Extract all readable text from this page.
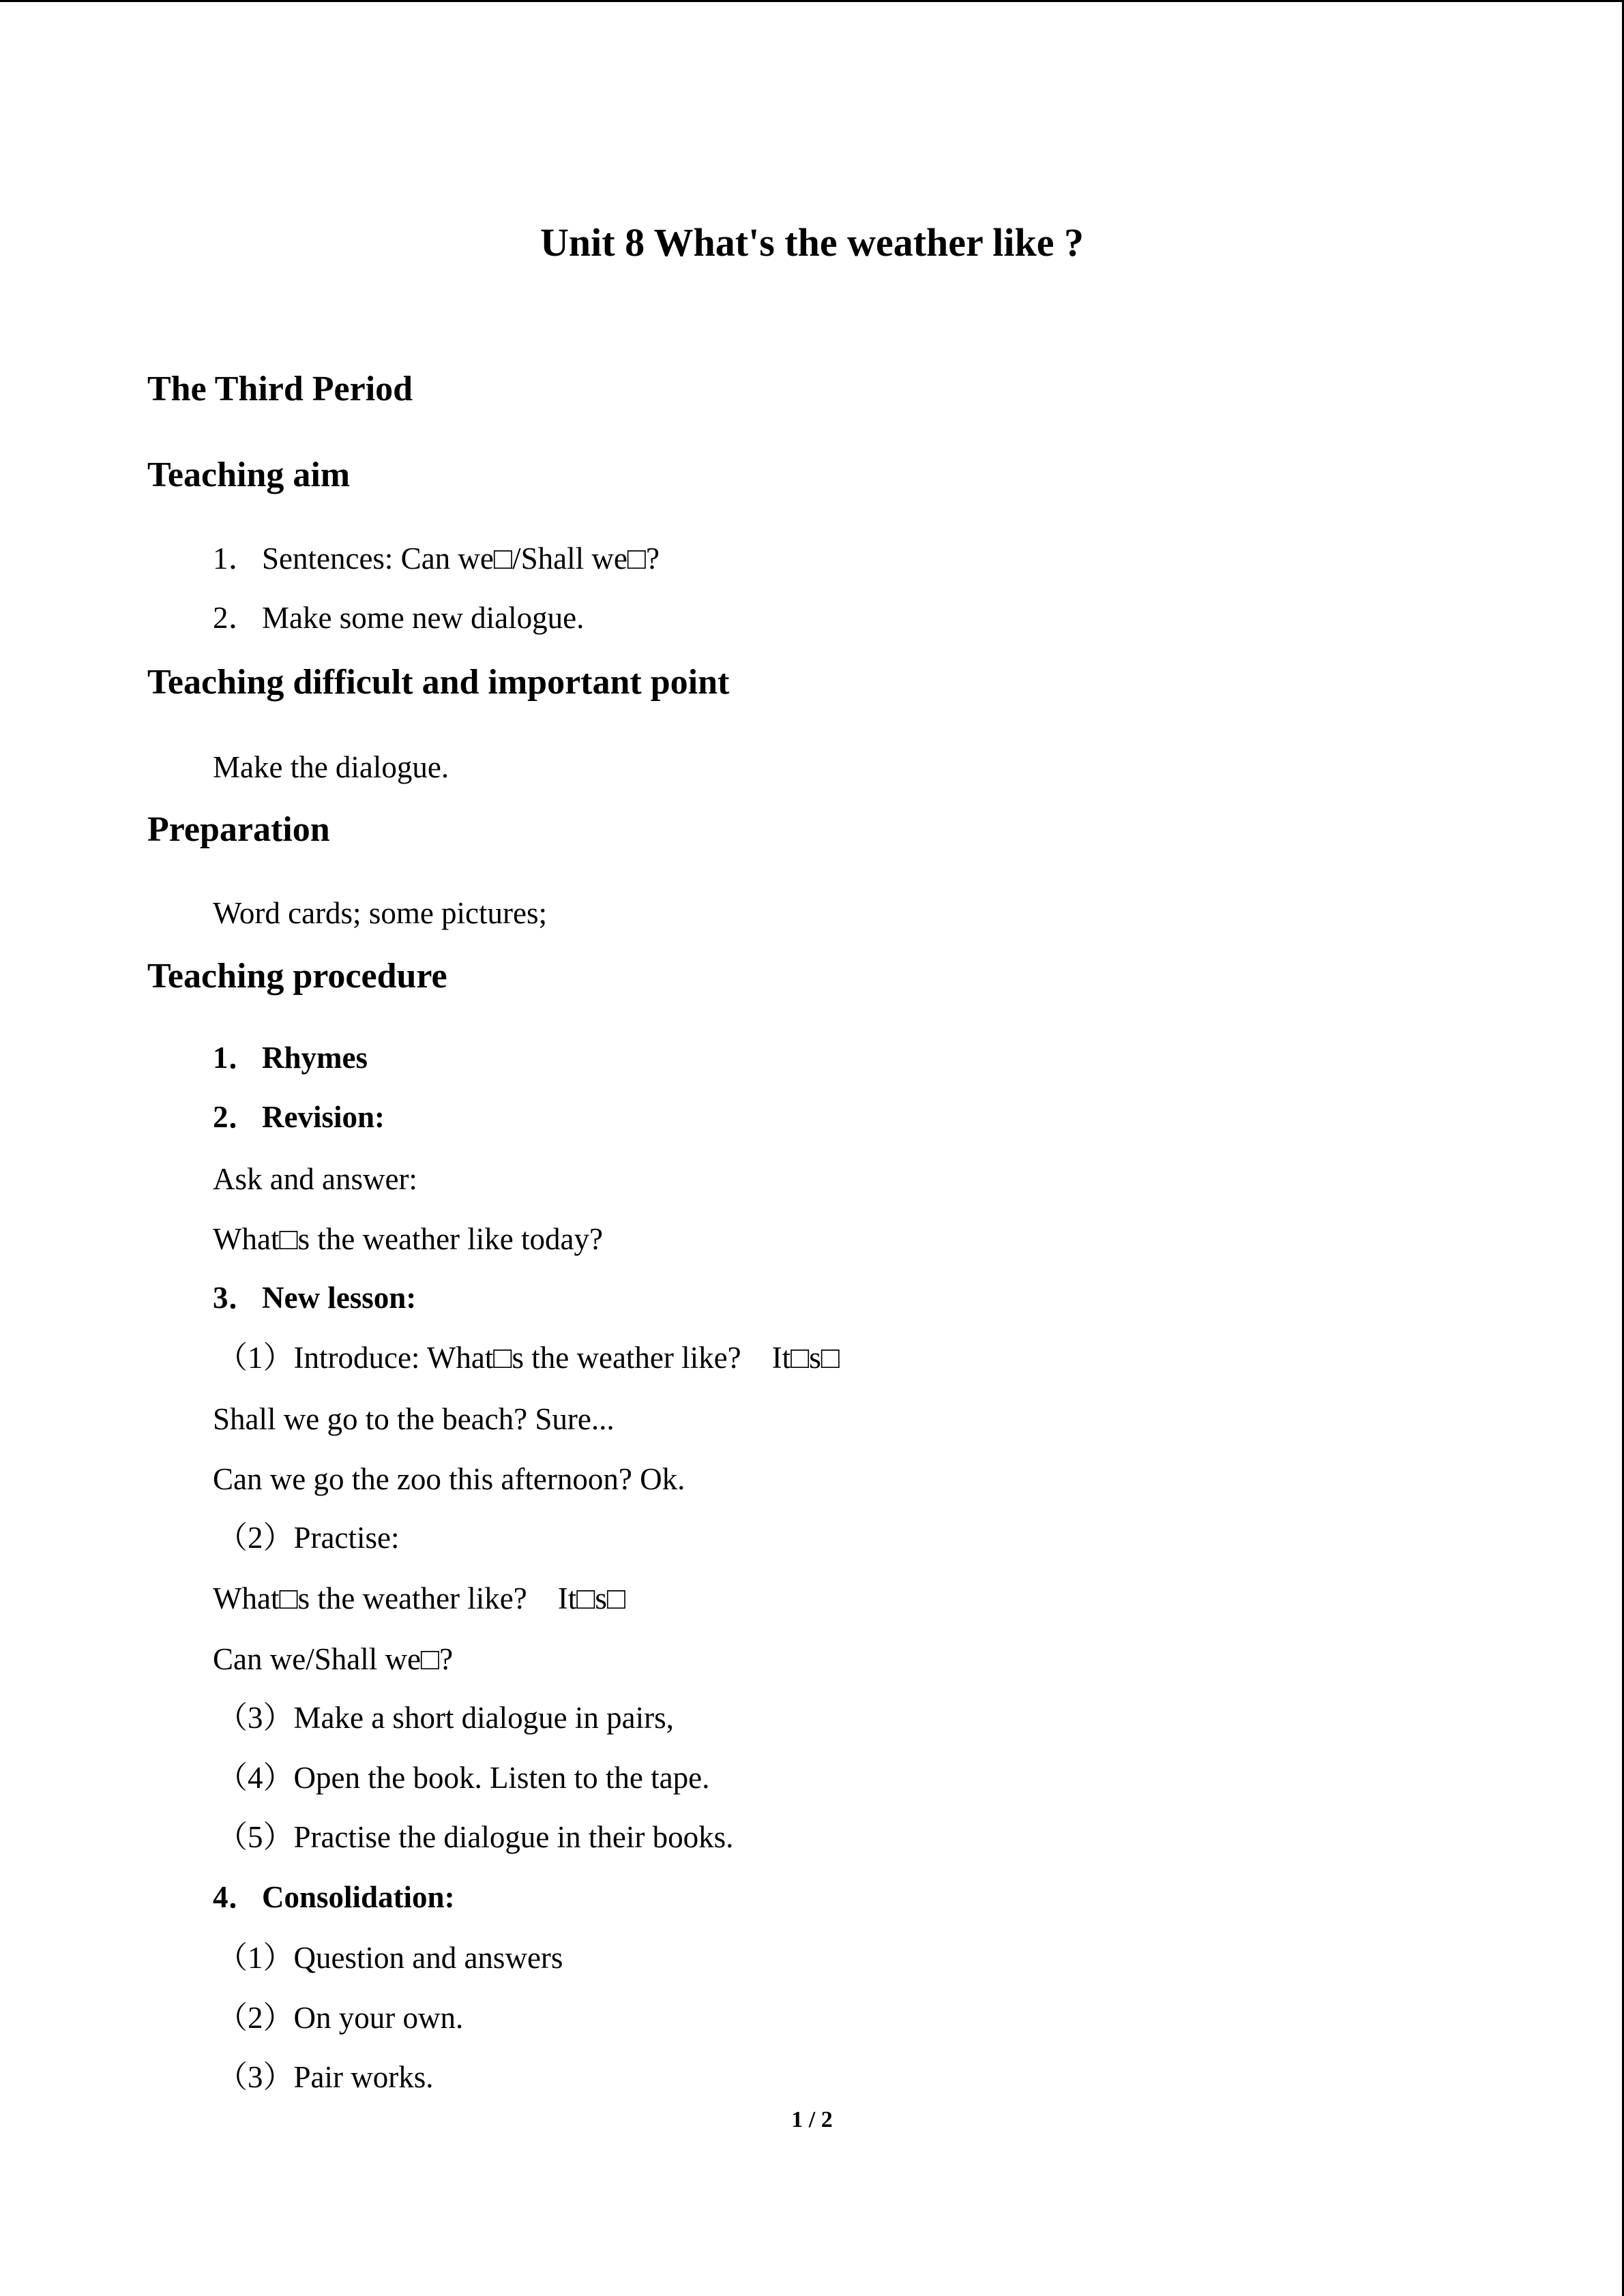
Unit 8 What's the weather like ?
The Third Period
Teaching aim
1．Sentences: Can we□/Shall we□?
2．Make some new dialogue.
Teaching difficult and important point
Make the dialogue.
Preparation
Word cards; some pictures;
Teaching procedure
1．Rhymes
2．Revision:
Ask and answer:
What□s the weather like today?
3．New lesson:
（1）Introduce: What□s the weather like?　It□s□
Shall we go to the beach? Sure...
Can we go the zoo this afternoon? Ok.
（2）Practise:
What□s the weather like?　It□s□
Can we/Shall we□?
（3）Make a short dialogue in pairs,
（4）Open the book. Listen to the tape.
（5）Practise the dialogue in their books.
4．Consolidation:
（1）Question and answers
（2）On your own.
（3）Pair works.
1 / 2
